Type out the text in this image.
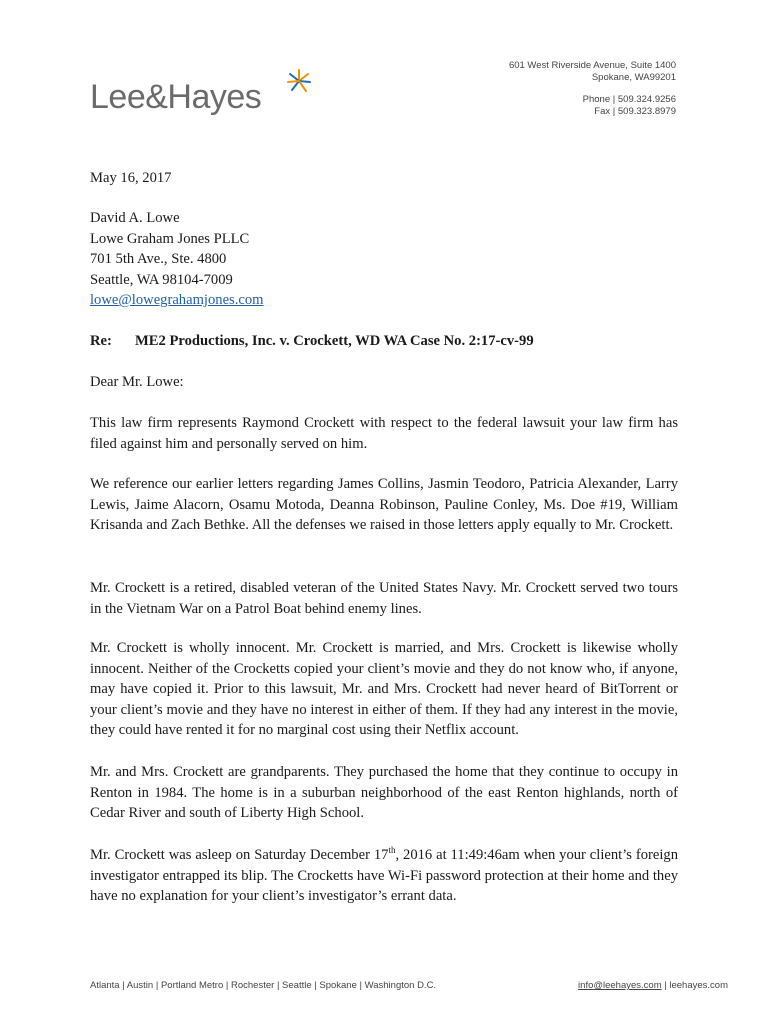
Lee&Hayes
601 West Riverside Avenue, Suite 1400
Spokane, WA99201
Phone | 509.324.9256
Fax | 509.323.8979
May 16, 2017
David A. Lowe
Lowe Graham Jones PLLC
701 5th Ave., Ste. 4800
Seattle, WA 98104-7009
lowe@lowegrahamjones.com
Re: ME2 Productions, Inc. v. Crockett, WD WA Case No. 2:17-cv-99
Dear Mr. Lowe:
This law firm represents Raymond Crockett with respect to the federal lawsuit your law firm has filed against him and personally served on him.
We reference our earlier letters regarding James Collins, Jasmin Teodoro, Patricia Alexander, Larry Lewis, Jaime Alacorn, Osamu Motoda, Deanna Robinson, Pauline Conley, Ms. Doe #19, William Krisanda and Zach Bethke. All the defenses we raised in those letters apply equally to Mr. Crockett.
Mr. Crockett is a retired, disabled veteran of the United States Navy. Mr. Crockett served two tours in the Vietnam War on a Patrol Boat behind enemy lines.
Mr. Crockett is wholly innocent. Mr. Crockett is married, and Mrs. Crockett is likewise wholly innocent. Neither of the Crocketts copied your client’s movie and they do not know who, if anyone, may have copied it. Prior to this lawsuit, Mr. and Mrs. Crockett had never heard of BitTorrent or your client’s movie and they have no interest in either of them. If they had any interest in the movie, they could have rented it for no marginal cost using their Netflix account.
Mr. and Mrs. Crockett are grandparents. They purchased the home that they continue to occupy in Renton in 1984. The home is in a suburban neighborhood of the east Renton highlands, north of Cedar River and south of Liberty High School.
Mr. Crockett was asleep on Saturday December 17th, 2016 at 11:49:46am when your client’s foreign investigator entrapped its blip. The Crocketts have Wi-Fi password protection at their home and they have no explanation for your client’s investigator’s errant data.
Atlanta | Austin | Portland Metro | Rochester | Seattle | Spokane | Washington D.C.	info@leehayes.com | leehayes.com
